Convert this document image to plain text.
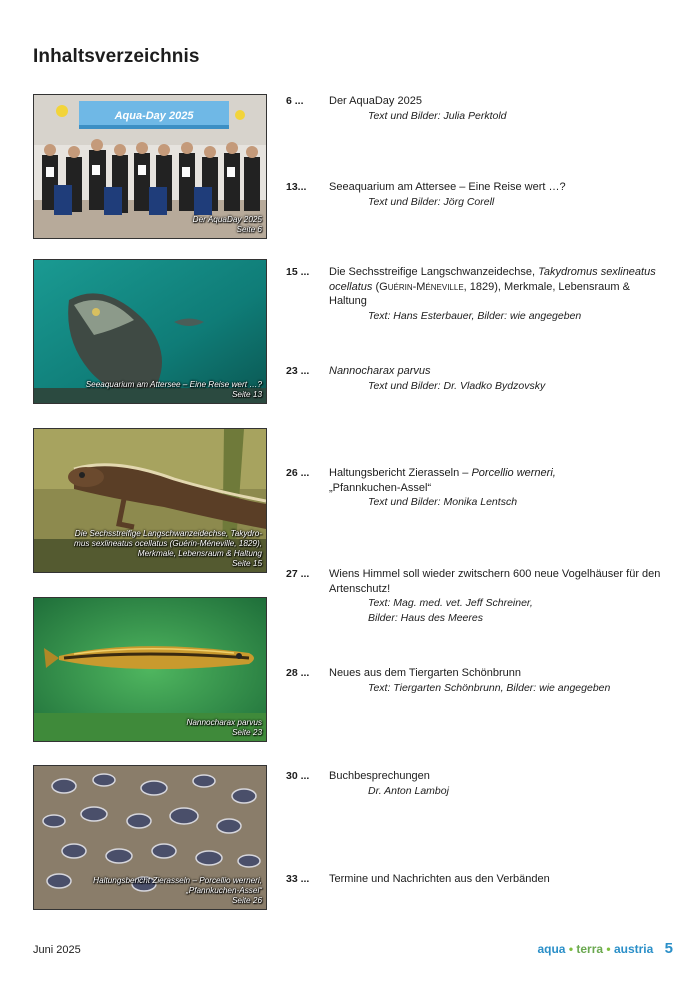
Inhaltsverzeichnis
Aqua-Day 2025
Der AquaDay 2025
Seite 6
Seeaquarium am Attersee – Eine Reise wert …?
Seite 13
Die Sechsstreifige Langschwanzeidechse, Takydro-
mus sexlineatus ocellatus (Guérin-Méneville, 1829),
Merkmale, Lebensraum & Haltung
Seite 15
Nannocharax parvus
Seite 23
Haltungsbericht Zierasseln – Porcellio werneri,
„Pfannkuchen-Assel“
Seite 26
6 ... Der AquaDay 2025
Text und Bilder: Julia Perktold
13... Seeaquarium am Attersee – Eine Reise wert …?
Text und Bilder: Jörg Corell
15 ... Die Sechsstreifige Langschwanzeidechse, Takydromus sexlineatus ocellatus (Guérin-Méneville, 1829), Merkmale, Lebensraum & Haltung
Text: Hans Esterbauer, Bilder: wie angegeben
23 ... Nannocharax parvus
Text und Bilder: Dr. Vladko Bydzovsky
26 ... Haltungsbericht Zierasseln – Porcellio werneri,
„Pfannkuchen-Assel“
Text und Bilder: Monika Lentsch
27 ... Wiens Himmel soll wieder zwitschern 600 neue Vogelhäuser für den Artenschutz!
Text: Mag. med. vet. Jeff Schreiner,
Bilder: Haus des Meeres
28 ... Neues aus dem Tiergarten Schönbrunn
Text: Tiergarten Schönbrunn, Bilder: wie angegeben
30 ... Buchbesprechungen
Dr. Anton Lamboj
33 ... Termine und Nachrichten aus den Verbänden
Juni 2025	aqua • terra • austria 5
